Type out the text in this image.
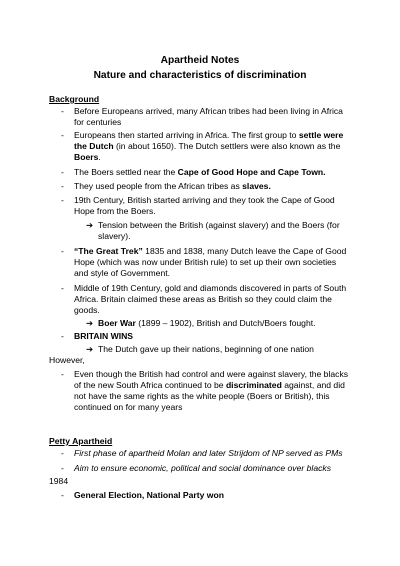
Apartheid Notes
Nature and characteristics of discrimination
Background
- Before Europeans arrived, many African tribes had been living in Africa
for centuries
- Europeans then started arriving in Africa. The first group to settle were
the Dutch (in about 1650). The Dutch settlers were also known as the
Boers.
- The Boers settled near the Cape of Good Hope and Cape Town.
- They used people from the African tribes as slaves.
- 19th Century, British started arriving and they took the Cape of Good
Hope from the Boers.
➔ Tension between the British (against slavery) and the Boers (for
slavery).
- “The Great Trek” 1835 and 1838, many Dutch leave the Cape of Good
Hope (which was now under British rule) to set up their own societies
and style of Government.
- Middle of 19th Century, gold and diamonds discovered in parts of South
Africa. Britain claimed these areas as British so they could claim the
goods.
➔ Boer War (1899 – 1902), British and Dutch/Boers fought.
- BRITAIN WINS
➔ The Dutch gave up their nations, beginning of one nation
However,
- Even though the British had control and were against slavery, the blacks
of the new South Africa continued to be discriminated against, and did
not have the same rights as the white people (Boers or British), this
continued on for many years
Petty Apartheid
- First phase of apartheid Molan and later Strijdom of NP served as PMs
- Aim to ensure economic, political and social dominance over blacks
1984
- General Election, National Party won
